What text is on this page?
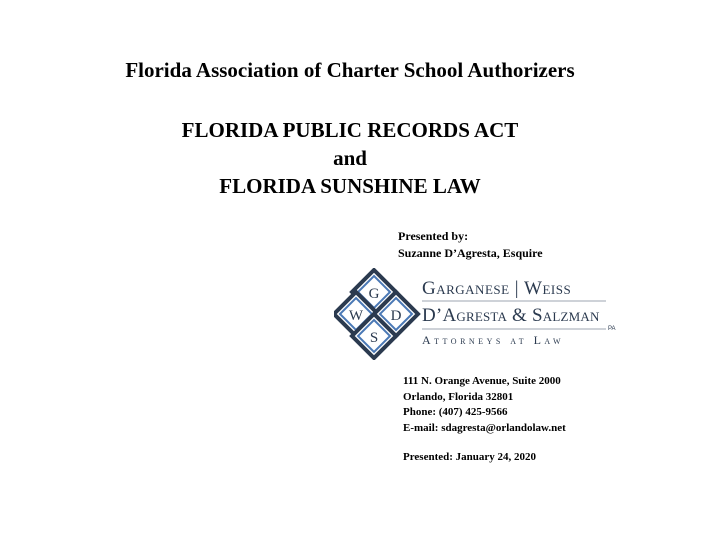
Florida Association of Charter School Authorizers
FLORIDA PUBLIC RECORDS ACT
and
FLORIDA SUNSHINE LAW
Presented by:
Suzanne D’Agresta, Esquire
G
W D
S
Garganese | Weiss
D’Agresta & Salzman
PA
Attorneys at Law
111 N. Orange Avenue, Suite 2000
Orlando, Florida 32801
Phone: (407) 425-9566
E-mail: sdagresta@orlandolaw.net
Presented: January 24, 2020
